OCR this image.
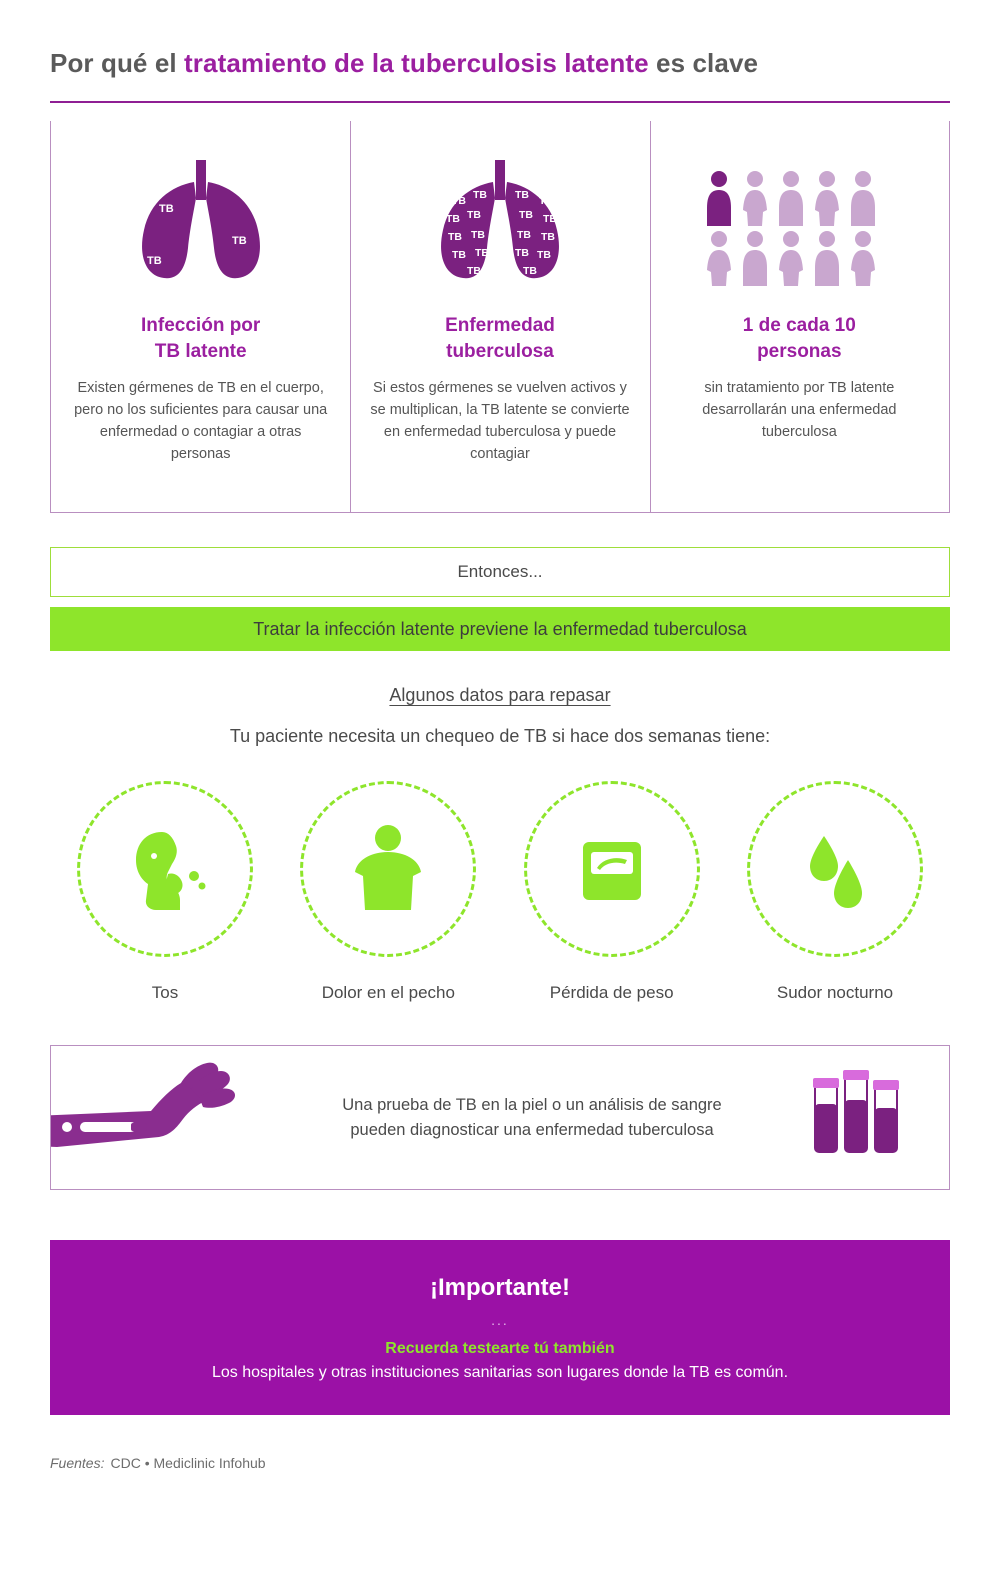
Por qué el tratamiento de la tuberculosis latente es clave
TB
TB
TB
Infección por
TB latente
Existen gérmenes de TB en el cuerpo, pero no los suficientes para causar una enfermedad o contagiar a otras personas
TB TB	TB TB
TB TB	TB TB
TB TB	TB TB
TB TB TB TB
TB	TB
Enfermedad
tuberculosa
Si estos gérmenes se vuelven activos y se multiplican, la TB latente se convierte en enfermedad tuberculosa y puede contagiar
1 de cada 10
personas
sin tratamiento por TB latente desarrollarán una enfermedad tuberculosa
Entonces...
Tratar la infección latente previene la enfermedad tuberculosa
Algunos datos para repasar
Tu paciente necesita un chequeo de TB si hace dos semanas tiene:
Tos	Dolor en el pecho	Pérdida de peso	Sudor nocturno
Una prueba de TB en la piel o un análisis de sangre
pueden diagnosticar una enfermedad tuberculosa
¡Importante!
...
Recuerda testearte tú también
Los hospitales y otras instituciones sanitarias son lugares donde la TB es común.
Fuentes: CDC • Mediclinic Infohub
